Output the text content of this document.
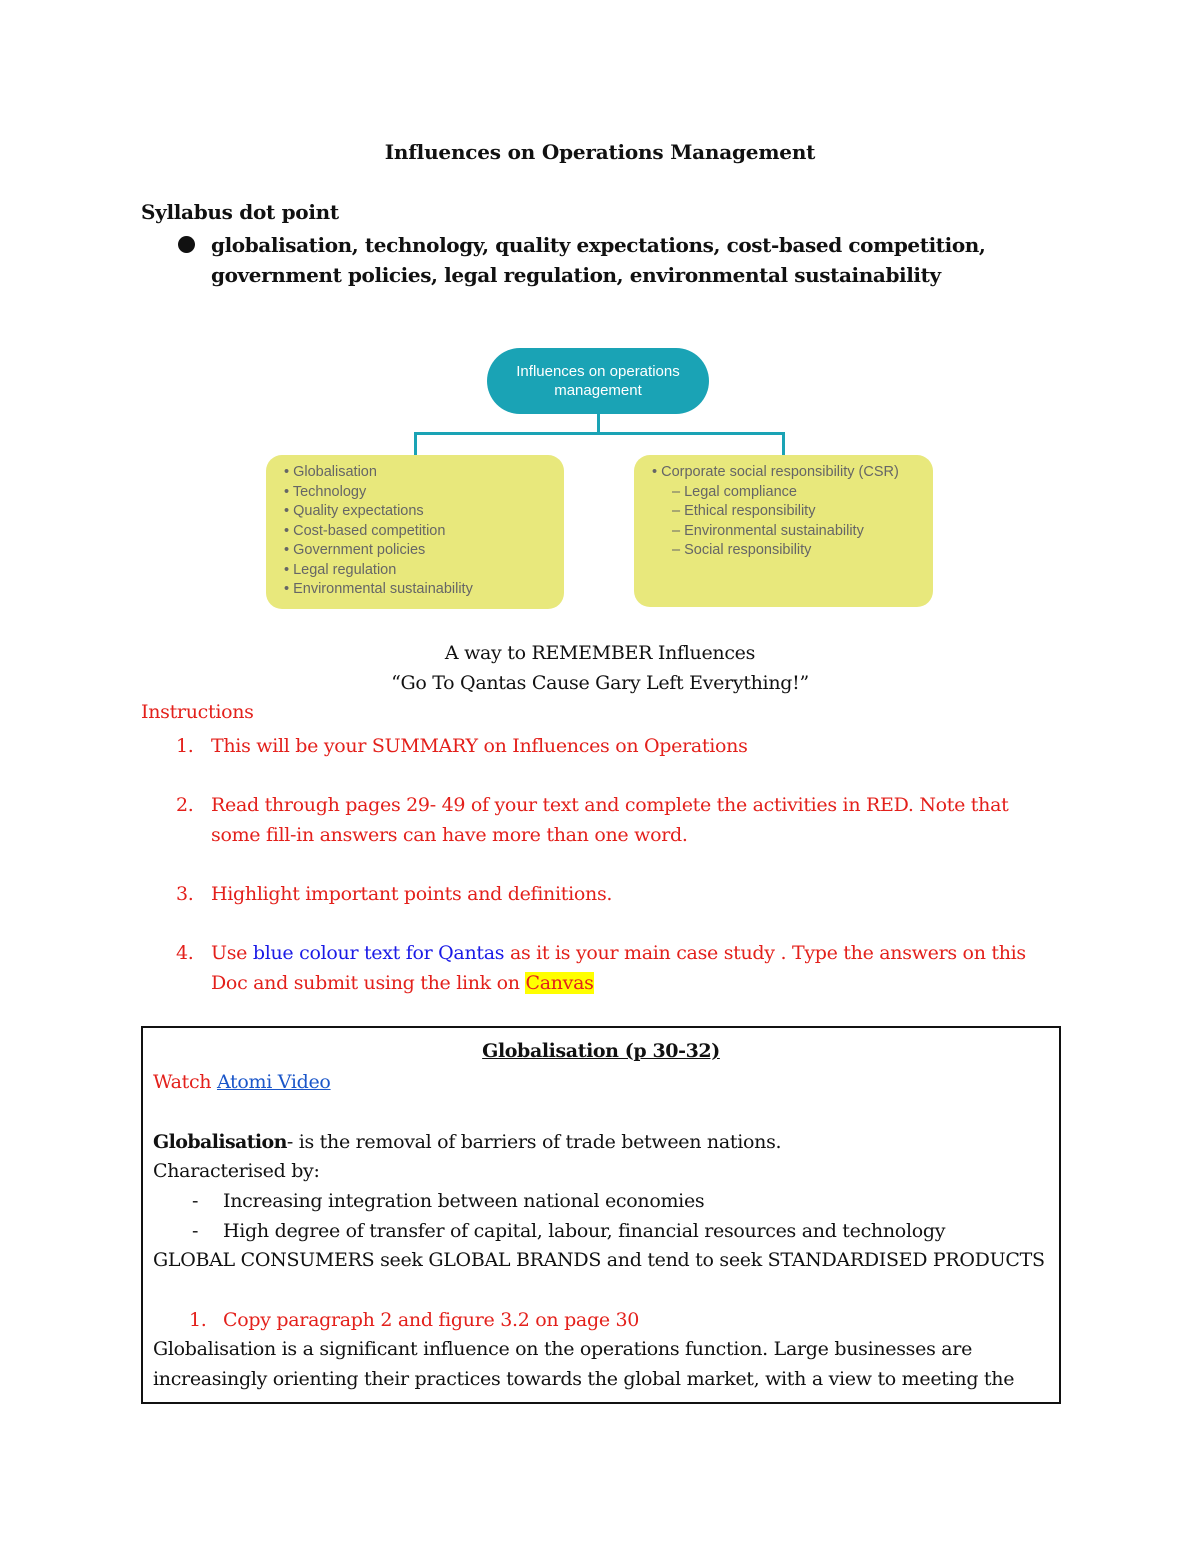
Influences on Operations Management
Syllabus dot point
globalisation, technology, quality expectations, cost-based competition, government policies, legal regulation, environmental sustainability
Influences on operations management
• Globalisation
• Technology
• Quality expectations
• Cost-based competition
• Government policies
• Legal regulation
• Environmental sustainability
• Corporate social responsibility (CSR)
– Legal compliance
– Ethical responsibility
– Environmental sustainability
– Social responsibility
A way to REMEMBER Influences
“Go To Qantas Cause Gary Left Everything!”
Instructions
1. This will be your SUMMARY on Influences on Operations
2. Read through pages 29- 49 of your text and complete the activities in RED. Note that some fill-in answers can have more than one word.
3. Highlight important points and definitions.
4. Use blue colour text for Qantas as it is your main case study . Type the answers on this Doc and submit using the link on Canvas
Globalisation (p 30-32)
Watch Atomi Video
Globalisation- is the removal of barriers of trade between nations.
Characterised by:
- Increasing integration between national economies
- High degree of transfer of capital, labour, financial resources and technology
GLOBAL CONSUMERS seek GLOBAL BRANDS and tend to seek STANDARDISED PRODUCTS
1. Copy paragraph 2 and figure 3.2 on page 30
Globalisation is a significant influence on the operations function. Large businesses are
increasingly orienting their practices towards the global market, with a view to meeting the
